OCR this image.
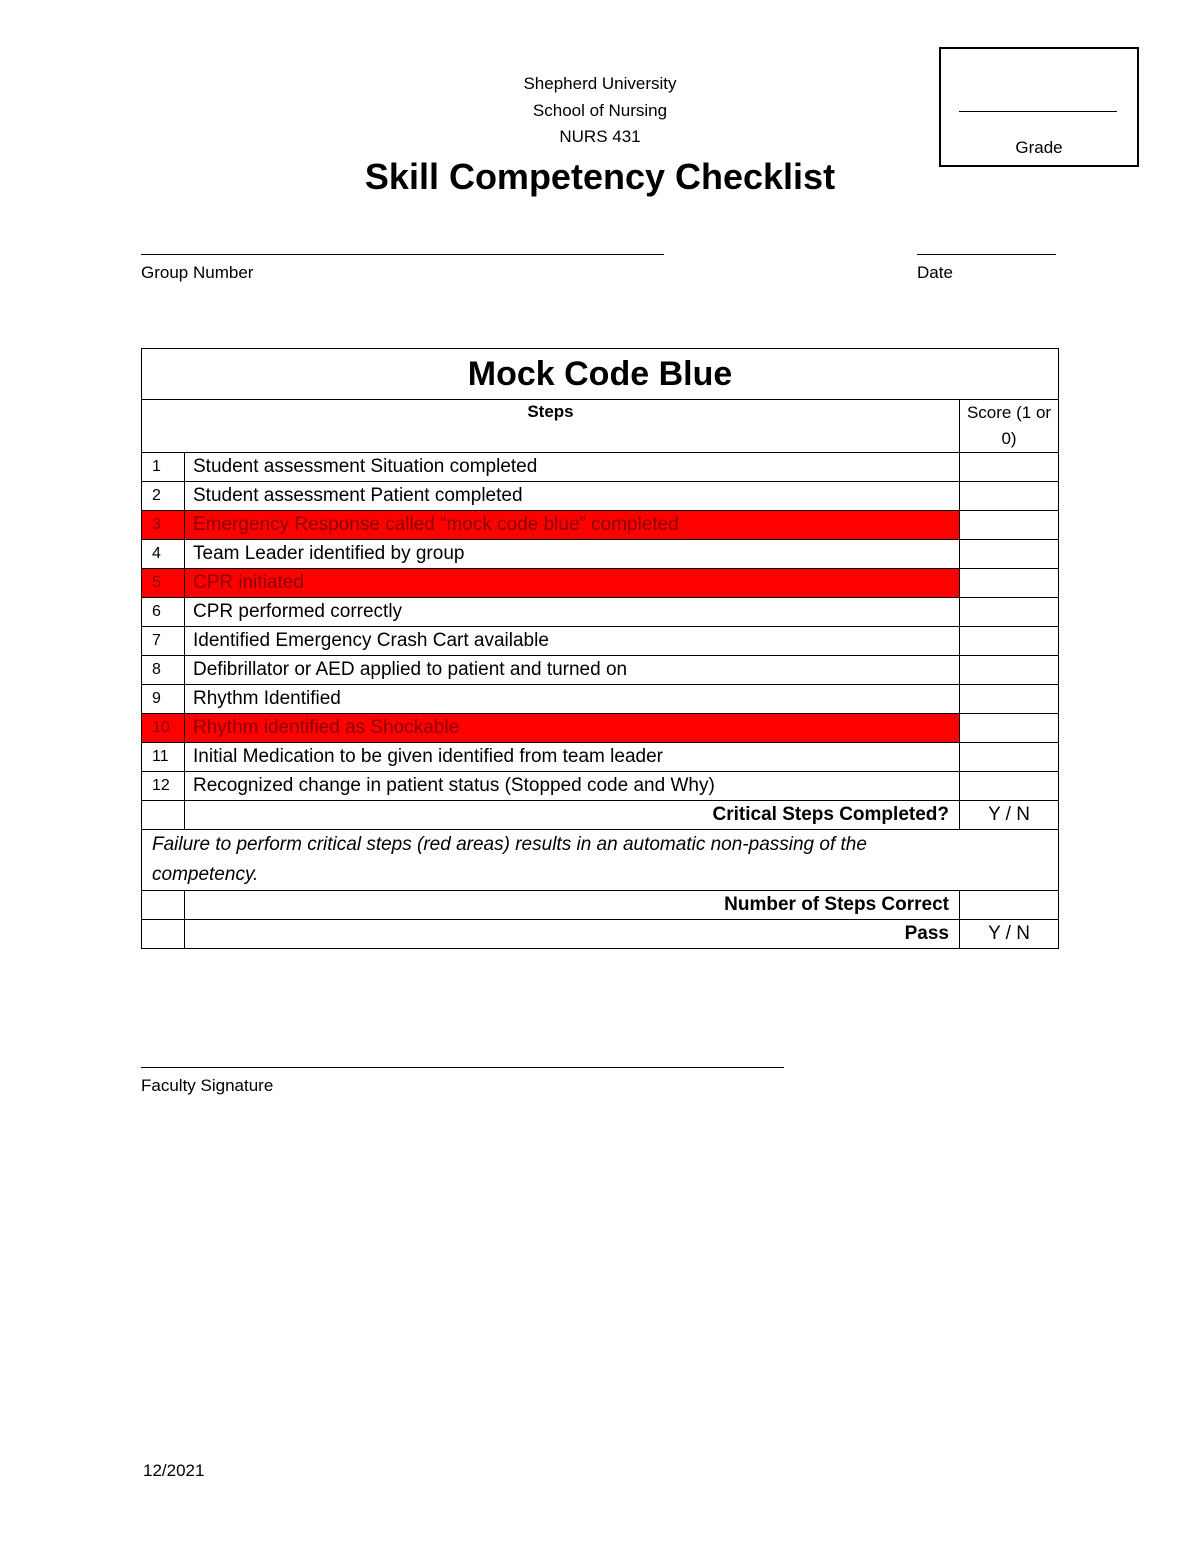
Shepherd University
School of Nursing
NURS 431
Skill Competency Checklist
Grade
Group Number	Date
Mock Code Blue		
Steps		Score (1 or 0)
1	Student assessment Situation completed	
2	Student assessment Patient completed	
3	Emergency Response called “mock code blue” completed	
4	Team Leader identified by group	
5	CPR initiated	
6	CPR performed correctly	
7	Identified Emergency Crash Cart available	
8	Defibrillator or AED applied to patient and turned on	
9	Rhythm Identified	
10	Rhythm identified as Shockable	
11	Initial Medication to be given identified from team leader	
12	Recognized change in patient status (Stopped code and Why)	
	Critical Steps Completed?	Y / N
Failure to perform critical steps (red areas) results in an automatic non-passing of the competency.		
	Number of Steps Correct	
	Pass	Y / N
Faculty Signature
12/2021
